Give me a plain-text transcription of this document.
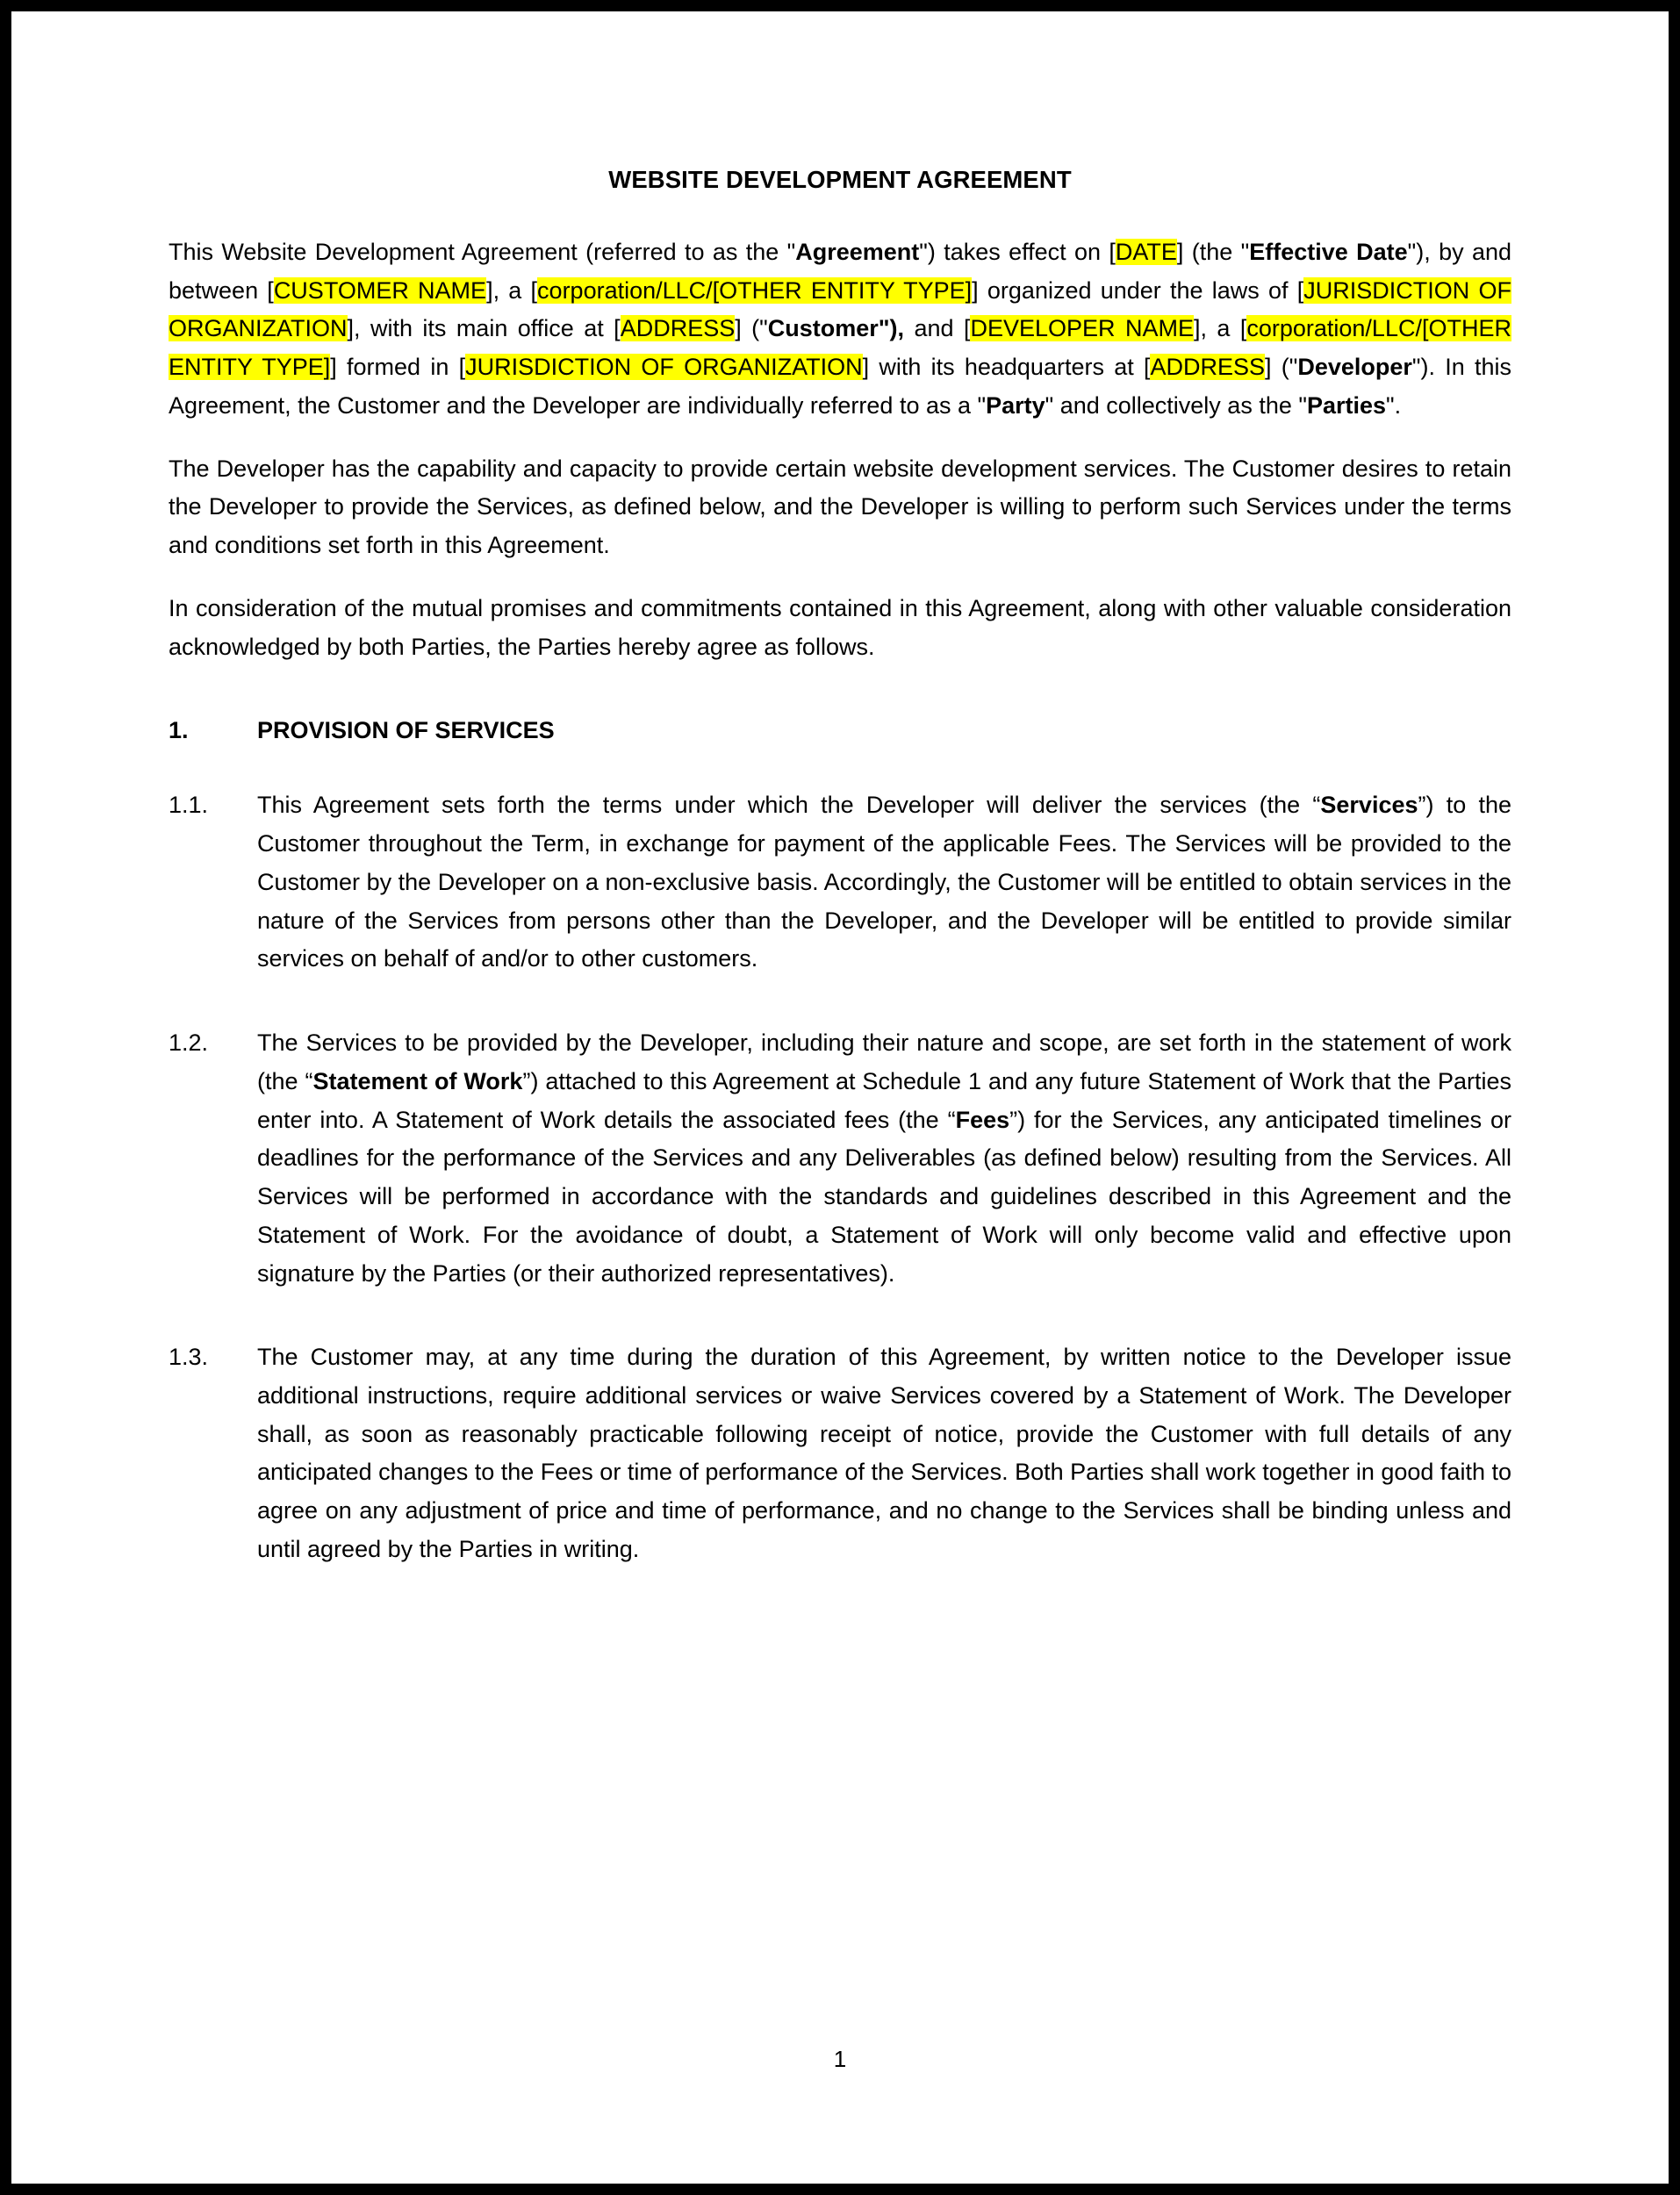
WEBSITE DEVELOPMENT AGREEMENT

This Website Development Agreement (referred to as the "Agreement") takes effect on [DATE] (the "Effective Date"), by and between [CUSTOMER NAME], a [corporation/LLC/[OTHER ENTITY TYPE]] organized under the laws of [JURISDICTION OF ORGANIZATION], with its main office at [ADDRESS] ("Customer"), and [DEVELOPER NAME], a [corporation/LLC/[OTHER ENTITY TYPE]] formed in [JURISDICTION OF ORGANIZATION] with its headquarters at [ADDRESS] ("Developer"). In this Agreement, the Customer and the Developer are individually referred to as a "Party" and collectively as the "Parties".

The Developer has the capability and capacity to provide certain website development services. The Customer desires to retain the Developer to provide the Services, as defined below, and the Developer is willing to perform such Services under the terms and conditions set forth in this Agreement.

In consideration of the mutual promises and commitments contained in this Agreement, along with other valuable consideration acknowledged by both Parties, the Parties hereby agree as follows.

1.	PROVISION OF SERVICES
1.1.	This Agreement sets forth the terms under which the Developer will deliver the services (the “Services”) to the Customer throughout the Term, in exchange for payment of the applicable Fees. The Services will be provided to the Customer by the Developer on a non-exclusive basis. Accordingly, the Customer will be entitled to obtain services in the nature of the Services from persons other than the Developer, and the Developer will be entitled to provide similar services on behalf of and/or to other customers.
1.2.	The Services to be provided by the Developer, including their nature and scope, are set forth in the statement of work (the “Statement of Work”) attached to this Agreement at Schedule 1 and any future Statement of Work that the Parties enter into. A Statement of Work details the associated fees (the “Fees”) for the Services, any anticipated timelines or deadlines for the performance of the Services and any Deliverables (as defined below) resulting from the Services. All Services will be performed in accordance with the standards and guidelines described in this Agreement and the Statement of Work. For the avoidance of doubt, a Statement of Work will only become valid and effective upon signature by the Parties (or their authorized representatives).
1.3.	The Customer may, at any time during the duration of this Agreement, by written notice to the Developer issue additional instructions, require additional services or waive Services covered by a Statement of Work. The Developer shall, as soon as reasonably practicable following receipt of notice, provide the Customer with full details of any anticipated changes to the Fees or time of performance of the Services. Both Parties shall work together in good faith to agree on any adjustment of price and time of performance, and no change to the Services shall be binding unless and until agreed by the Parties in writing.
1
